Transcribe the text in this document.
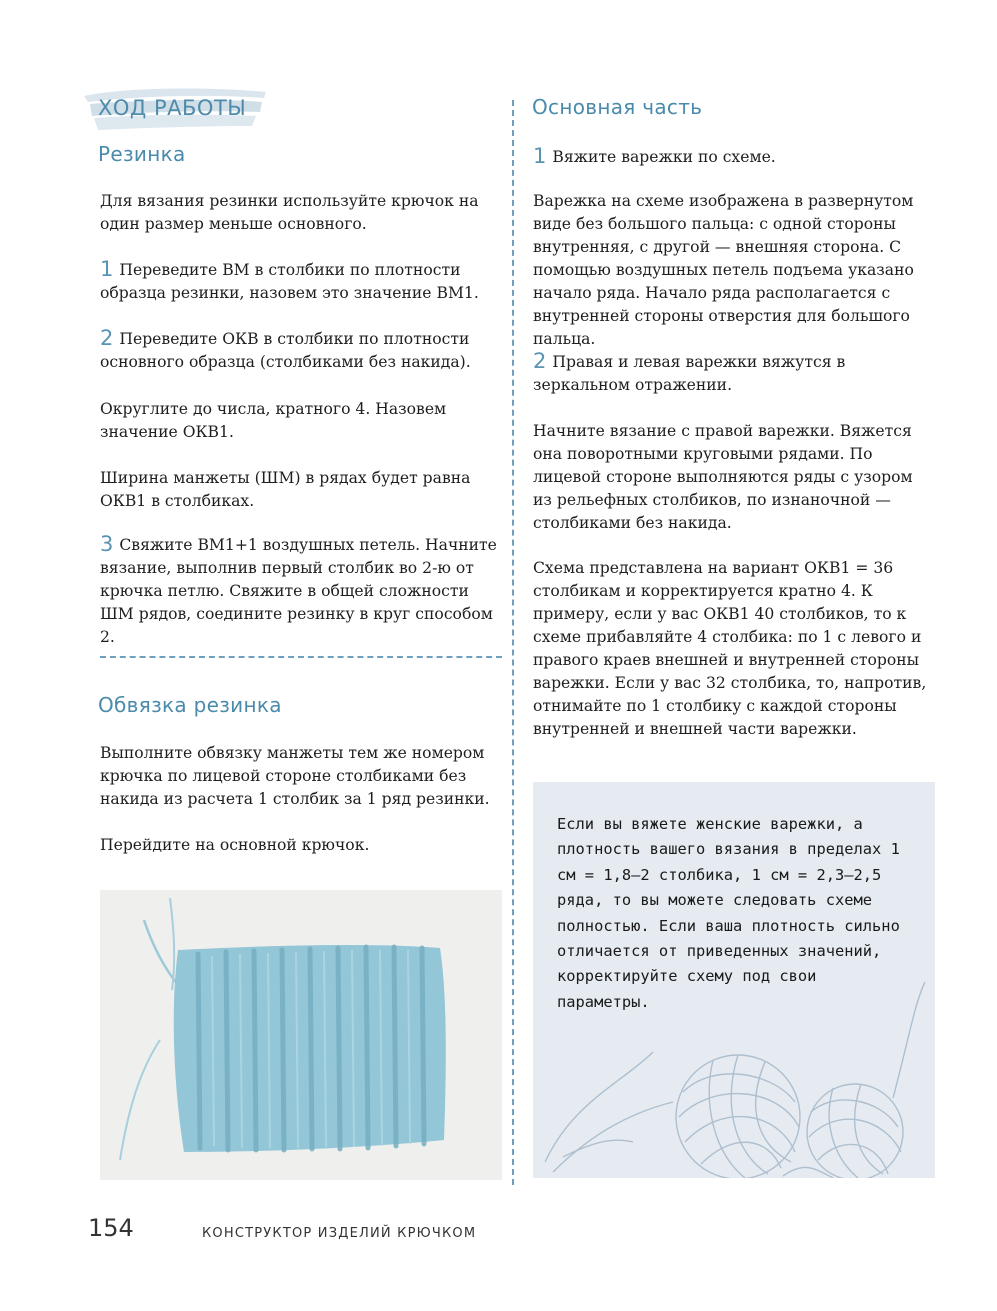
ХОД РАБОТЫ
Резинка
Для вязания резинки используйте крючок на один размер меньше основного.
1 Переведите ВМ в столбики по плотности образца резинки, назовем это значение ВМ1.
2 Переведите ОКВ в столбики по плотности основного образца (столбиками без накида).
Округлите до числа, кратного 4. Назовем значение ОКВ1.
Ширина манжеты (ШМ) в рядах будет равна ОКВ1 в столбиках.
3 Свяжите ВМ1+1 воздушных петель. Начните вязание, выполнив первый столбик во 2-ю от крючка петлю. Свяжите в общей сложности ШМ рядов, соедините резинку в круг способом 2.
Обвязка резинка
Выполните обвязку манжеты тем же номером крючка по лицевой стороне столбиками без накида из расчета 1 столбик за 1 ряд резинки.
Перейдите на основной крючок.
Основная часть
1 Вяжите варежки по схеме.
Варежка на схеме изображена в развернутом виде без большого пальца: с одной стороны внутренняя, с другой — внешняя сторона. С помощью воздушных петель подъема указано начало ряда. Начало ряда располагается с внутренней стороны отверстия для большого пальца.
2 Правая и левая варежки вяжутся в зеркальном отражении.
Начните вязание с правой варежки. Вяжется она поворотными круговыми рядами. По лицевой стороне выполняются ряды с узором из рельефных столбиков, по изнаночной — столбиками без накида.
Схема представлена на вариант ОКВ1 = 36 столбикам и корректируется кратно 4. К примеру, если у вас ОКВ1 40 столбиков, то к схеме прибавляйте 4 столбика: по 1 с левого и правого краев внешней и внутренней стороны варежки. Если у вас 32 столбика, то, напротив, отнимайте по 1 столбику с каждой стороны внутренней и внешней части варежки.
Если вы вяжете женские варежки, а плотность вашего вязания в пределах 1 см = 1,8–2 столбика, 1 см = 2,3–2,5 ряда, то вы можете следовать схеме полностью. Если ваша плотность сильно отличается от приведенных значений, корректируйте схему под свои параметры.
154	КОНСТРУКТОР ИЗДЕЛИЙ КРЮЧКОМ
